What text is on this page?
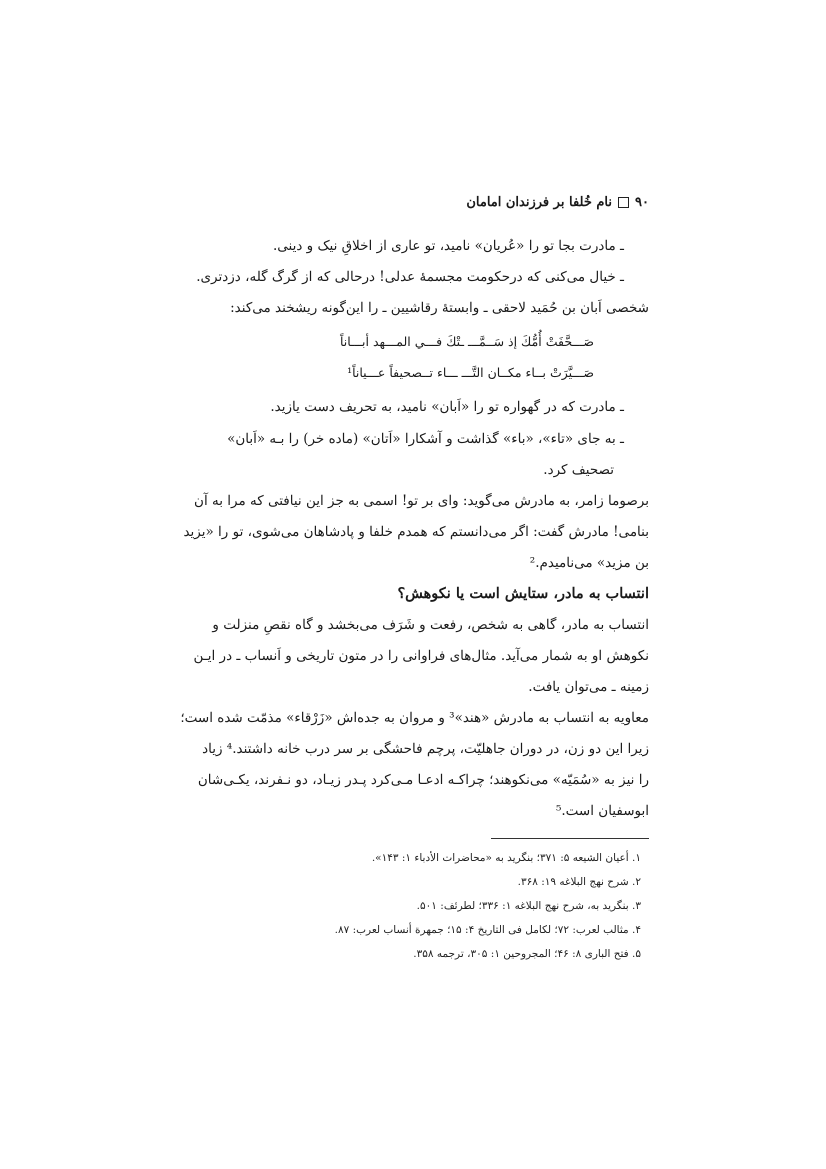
۹۰
نام خُلفا بر فرزندان امامان
ـ مادرت بجا تو را «عُریان» نامید، تو عاری از اخلاقِ نیک و دینی.
ـ خیال می‌کنی که درحکومت مجسمهٔ عدلی! درحالی که از گرگ گله، دزدتری.
شخصی اَبان بن حُمَید لاحقی ـ وابستهٔ رقاشیین ـ را این‌گونه ریشخند می‌کند:
صَـــحَّفَتْ أُمُّكَ إذ سَــمَّـــ ـتْكَ فـــي المـــهد أبـــاناً
صَـــيَّرَتْ بــاء مكــان التَّـــ ـــاء تــصحيفاً عـــياناً¹
ـ مادرت که در گهواره تو را «اَبان» نامید، به تحریف دست یازید.
ـ به جای «تاء»، «باء» گذاشت و آشکارا «اَتان» (ماده خر) را بـه «اَبان»
تصحیف کرد.
برصوما زامر، به مادرش می‌گوید: وای بر تو! اسمی به جز این نیافتی که مرا به آن
بنامی! مادرش گفت: اگر می‌دانستم که همدم خلفا و پادشاهان می‌شوی، تو را «یزید
بن مزید» می‌نامیدم.²
انتساب به مادر، ستایش است یا نکوهش؟
انتساب به مادر، گاهی به شخص، رفعت و شَرَف می‌بخشد و گاه نقصِ منزلت و
نکوهش او به شمار می‌آید. مثال‌های فراوانی را در متون تاریخی و اَنساب ـ در ایـن
زمینه ـ می‌توان یافت.
معاویه به انتساب به مادرش «هند»³ و مروان به جده‌اش «زَرْقاء» مذمّت شده است؛
زیرا این دو زن، در دوران جاهلیّت، پرچم فاحشگی بر سر درب خانه داشتند.⁴ زیاد
را نیز به «سُمَیّه» می‌نکوهند؛ چراکـه ادعـا مـی‌کرد پـدر زیـاد، دو نـفرند، یکـی‌شان
ابوسفیان است.⁵
۱. أعيان الشيعه ۵: ۳۷۱؛ بنگريد به «محاضرات الأدباء ۱: ۱۴۳».
۲. شرح نهج البلاغه ۱۹: ۳۶۸.
۳. بنگريد به، شرح نهج البلاغه ۱: ۳۳۶؛ لطرئف: ۵۰۱.
۴. مثالب لعرب: ۷۲؛ لكامل فى التاريخ ۴: ۱۵؛ جمهرة أنساب لعرب: ۸۷.
۵. فتح البارى ۸: ۴۶؛ المجروحين ۱: ۳۰۵، ترجمه ۳۵۸.
